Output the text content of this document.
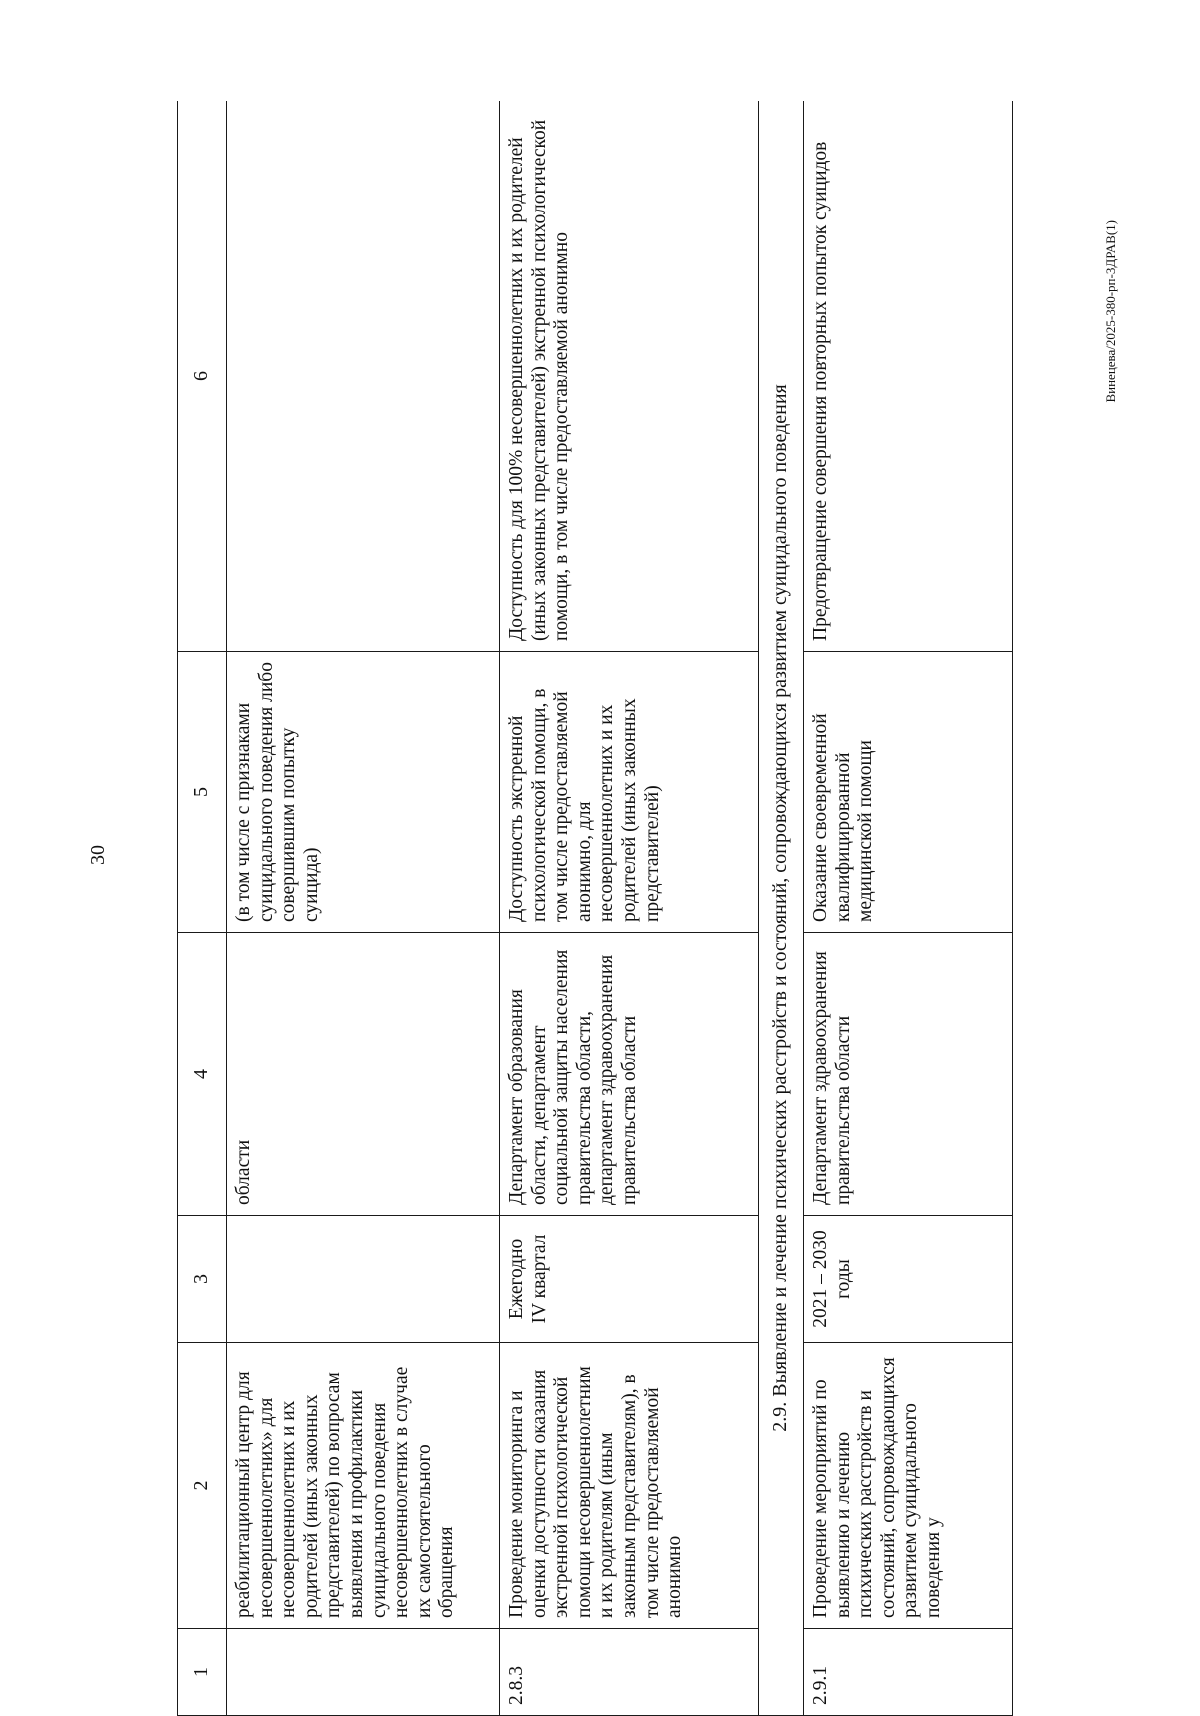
30
1	2	3	4	5	6
	реабилитационный центр для несовершеннолетних» для несовершеннолетних и их родителей (иных законных представителей) по вопросам выявления и профилактики суицидального поведения несовершеннолетних в случае их самостоятельного обращения		области	(в том числе с признаками суицидального поведения либо совершившим попытку суицида)	
2.8.3	Проведение мониторинга и оценки доступности оказания экстренной психологической помощи несовершеннолетним и их родителям (иным законным представителям), в том числе предоставляемой анонимно	Ежегодно IV квартал	Департамент образования области, департамент социальной защиты населения правительства области, департамент здравоохранения правительства области	Доступность экстренной психологической помощи, в том числе предоставляемой анонимно, для несовершеннолетних и их родителей (иных законных представителей)	Доступность для 100% несовершеннолетних и их родителей (иных законных представителей) экстренной психологической помощи, в том числе предоставляемой анонимно
2.9. Выявление и лечение психических расстройств и состояний, сопровождающихся развитием суицидального поведения					
2.9.1	Проведение мероприятий по выявлению и лечению психических расстройств и состояний, сопровождающихся развитием суицидального поведения у	2021 – 2030 годы	Департамент здравоохранения правительства области	Оказание своевременной квалифицированной медицинской помощи	Предотвращение совершения повторных попыток суицидов	Винецева/2025-380-рп-3ДРАВ(1)
